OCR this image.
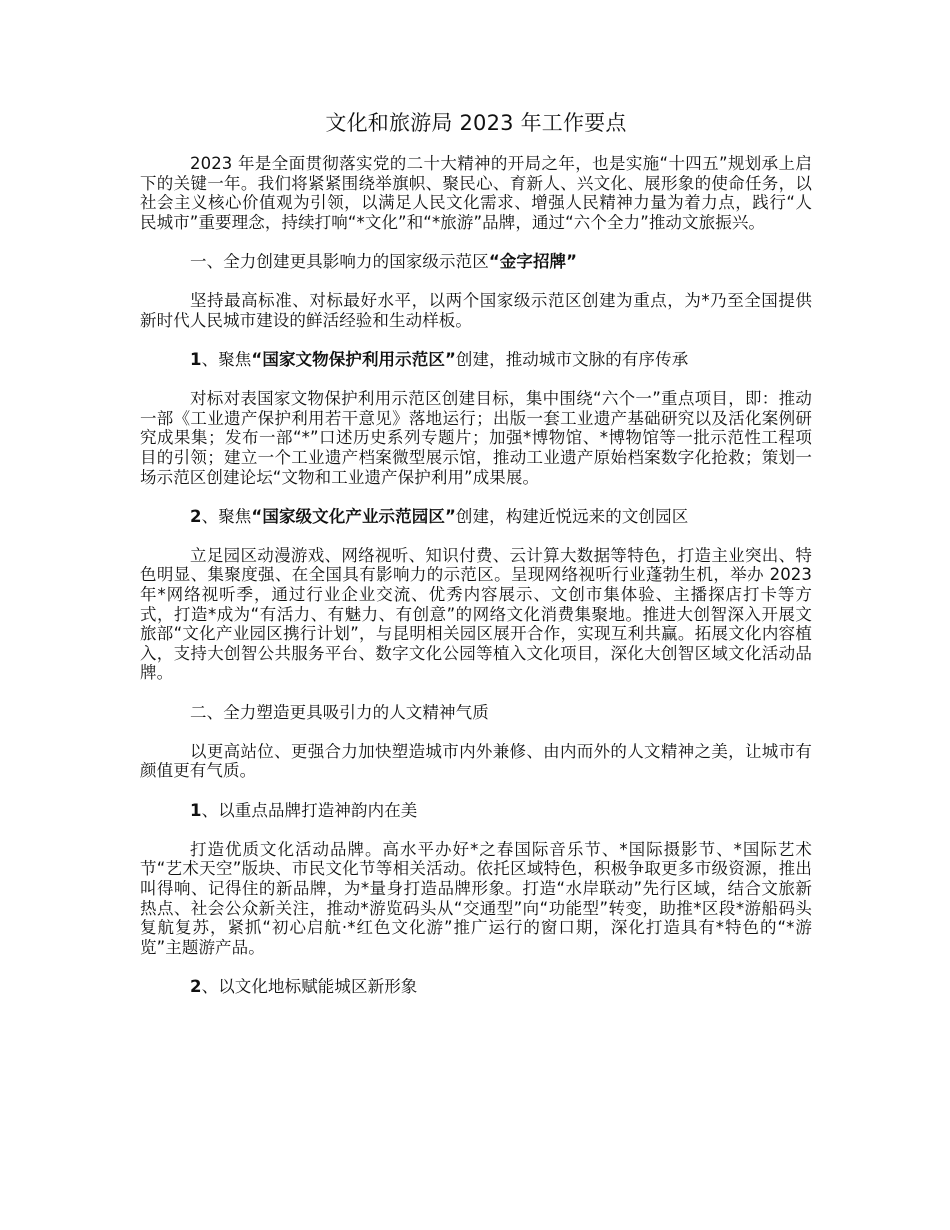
文化和旅游局 2023 年工作要点

2023 年是全面贯彻落实党的二十大精神的开局之年，也是实施“十四五”规划承上启下的关键一年。我们将紧紧围绕举旗帜、聚民心、育新人、兴文化、展形象的使命任务，以社会主义核心价值观为引领，以满足人民文化需求、增强人民精神力量为着力点，践行“人民城市”重要理念，持续打响“*文化”和“*旅游”品牌，通过“六个全力”推动文旅振兴。

一、全力创建更具影响力的国家级示范区“金字招牌”

坚持最高标准、对标最好水平，以两个国家级示范区创建为重点，为*乃至全国提供新时代人民城市建设的鲜活经验和生动样板。

1、聚焦“国家文物保护利用示范区”创建，推动城市文脉的有序传承

对标对表国家文物保护利用示范区创建目标，集中围绕“六个一”重点项目，即：推动一部《工业遗产保护利用若干意见》落地运行；出版一套工业遗产基础研究以及活化案例研究成果集；发布一部“*”口述历史系列专题片；加强*博物馆、*博物馆等一批示范性工程项目的引领；建立一个工业遗产档案微型展示馆，推动工业遗产原始档案数字化抢救；策划一场示范区创建论坛“文物和工业遗产保护利用”成果展。

2、聚焦“国家级文化产业示范园区”创建，构建近悦远来的文创园区

立足园区动漫游戏、网络视听、知识付费、云计算大数据等特色，打造主业突出、特色明显、集聚度强、在全国具有影响力的示范区。呈现网络视听行业蓬勃生机，举办 2023 年*网络视听季，通过行业企业交流、优秀内容展示、文创市集体验、主播探店打卡等方式，打造*成为“有活力、有魅力、有创意”的网络文化消费集聚地。推进大创智深入开展文旅部“文化产业园区携行计划”，与昆明相关园区展开合作，实现互利共赢。拓展文化内容植入，支持大创智公共服务平台、数字文化公园等植入文化项目，深化大创智区域文化活动品牌。

二、全力塑造更具吸引力的人文精神气质

以更高站位、更强合力加快塑造城市内外兼修、由内而外的人文精神之美，让城市有颜值更有气质。

1、以重点品牌打造神韵内在美

打造优质文化活动品牌。高水平办好*之春国际音乐节、*国际摄影节、*国际艺术节“艺术天空”版块、市民文化节等相关活动。依托区域特色，积极争取更多市级资源，推出叫得响、记得住的新品牌，为*量身打造品牌形象。打造“水岸联动”先行区域，结合文旅新热点、社会公众新关注，推动*游览码头从“交通型”向“功能型”转变，助推*区段*游船码头复航复苏，紧抓“初心启航·*红色文化游”推广运行的窗口期，深化打造具有*特色的“*游览”主题游产品。

2、以文化地标赋能城区新形象
